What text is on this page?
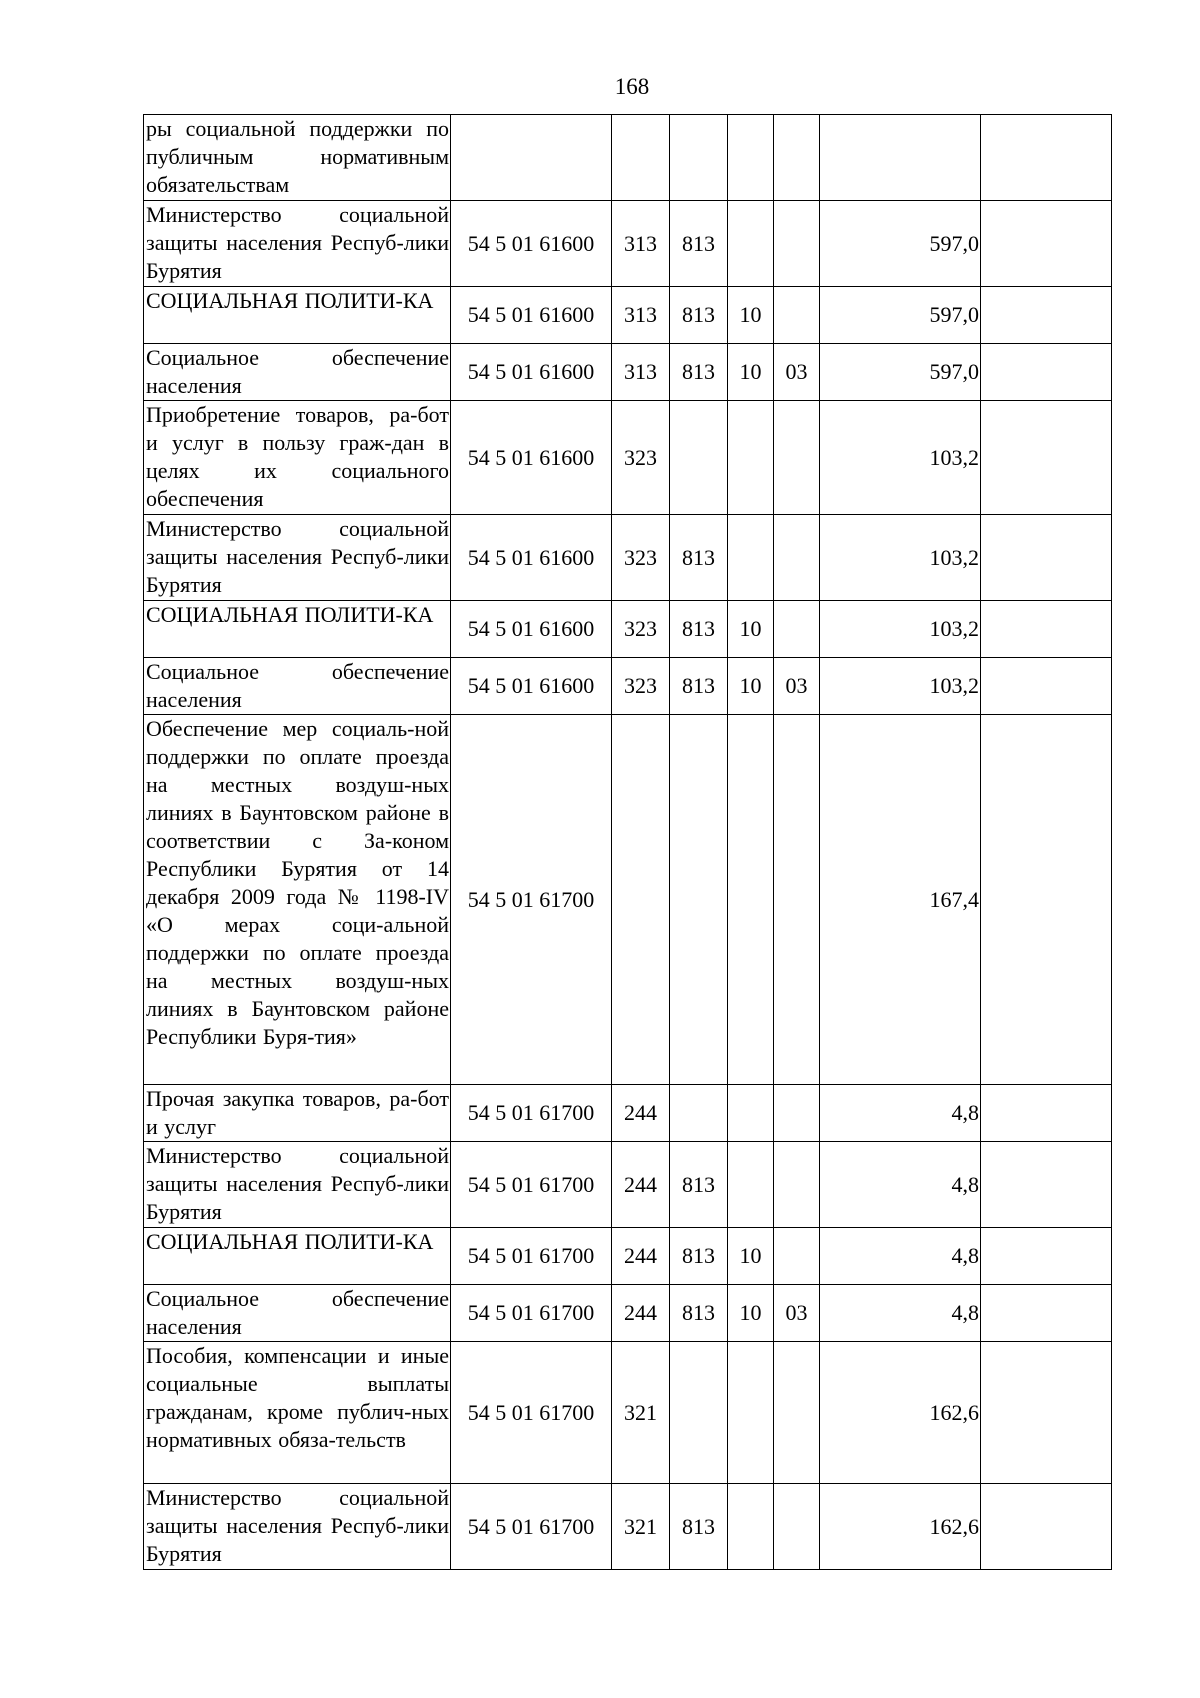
168
ры социальной поддержки по публичным нормативным обязательствам							
Министерство социальной защиты населения Респуб-лики Бурятия	54 5 01 61600	313	813			597,0	
СОЦИАЛЬНАЯ ПОЛИТИ-КА	54 5 01 61600	313	813	10		597,0	
Социальное обеспечение населения	54 5 01 61600	313	813	10	03	597,0	
Приобретение товаров, ра-бот и услуг в пользу граж-дан в целях их социального обеспечения	54 5 01 61600	323				103,2	
Министерство социальной защиты населения Респуб-лики Бурятия	54 5 01 61600	323	813			103,2	
СОЦИАЛЬНАЯ ПОЛИТИ-КА	54 5 01 61600	323	813	10		103,2	
Социальное обеспечение населения	54 5 01 61600	323	813	10	03	103,2	
Обеспечение мер социаль-ной поддержки по оплате проезда на местных воздуш-ных линиях в Баунтовском районе в соответствии с За-коном Республики Бурятия от 14 декабря 2009 года № 1198-IV «О мерах соци-альной поддержки по оплате проезда на местных воздуш-ных линиях в Баунтовском районе Республики Буря-тия»	54 5 01 61700					167,4	
Прочая закупка товаров, ра-бот и услуг	54 5 01 61700	244				4,8	
Министерство социальной защиты населения Респуб-лики Бурятия	54 5 01 61700	244	813			4,8	
СОЦИАЛЬНАЯ ПОЛИТИ-КА	54 5 01 61700	244	813	10		4,8	
Социальное обеспечение населения	54 5 01 61700	244	813	10	03	4,8	
Пособия, компенсации и иные социальные выплаты гражданам, кроме публич-ных нормативных обяза-тельств	54 5 01 61700	321				162,6	
Министерство социальной защиты населения Респуб-лики Бурятия	54 5 01 61700	321	813			162,6	
